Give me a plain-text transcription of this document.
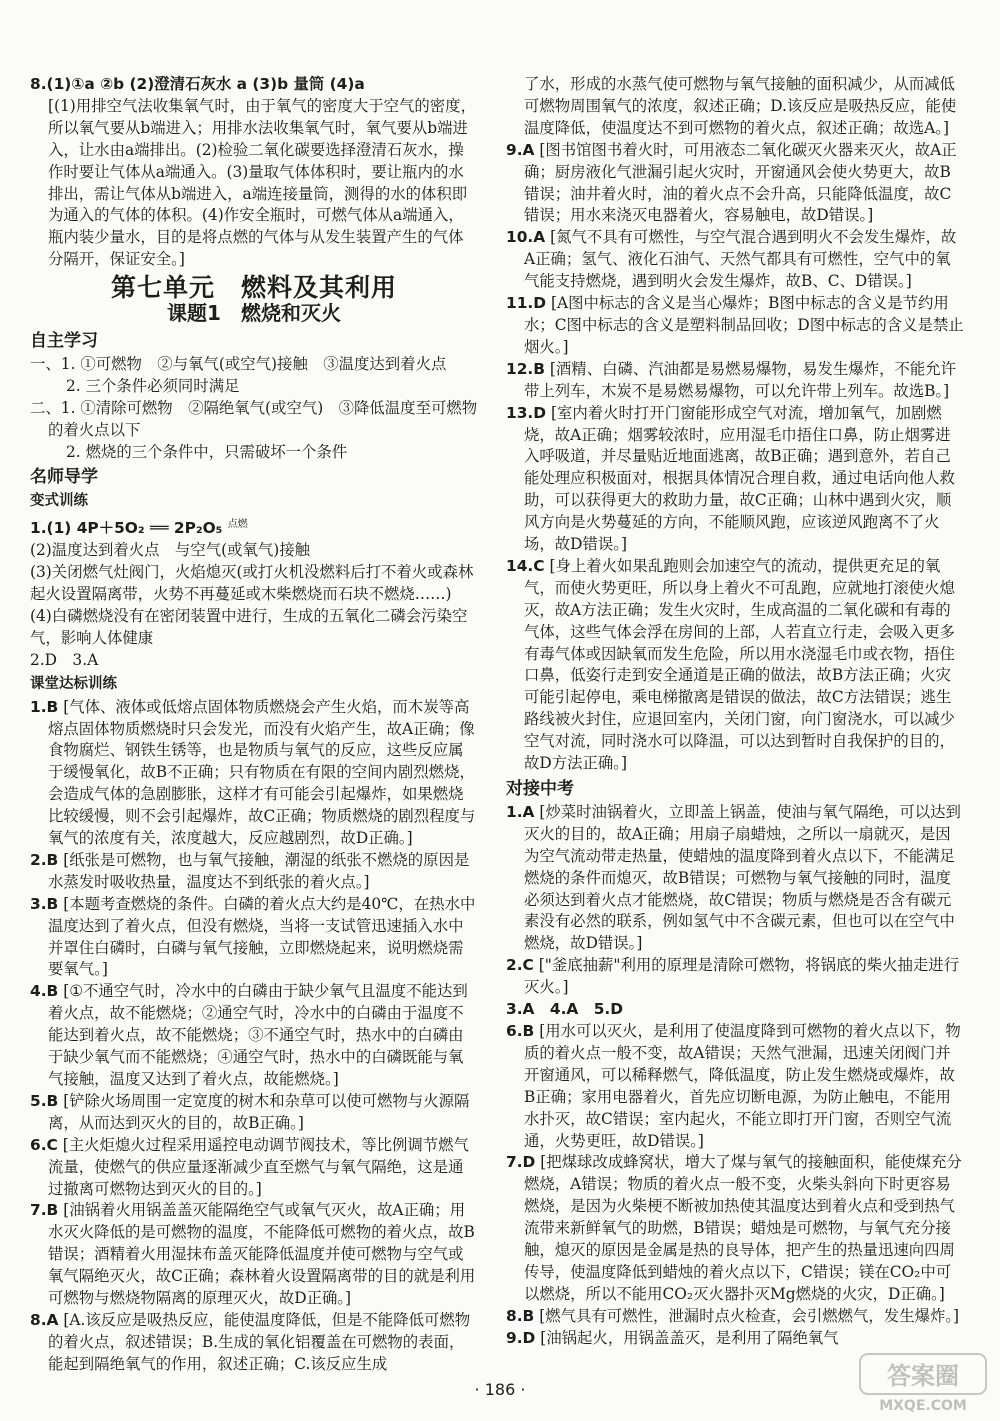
8.(1)①a ②b (2)澄清石灰水 a (3)b 量筒 (4)a

[(1)用排空气法收集氧气时，由于氧气的密度大于空气的密度，所以氧气要从b端进入；用排水法收集氧气时，氧气要从b端进入，让水由a端排出。(2)检验二氧化碳要选择澄清石灰水，操作时要让气体从a端通入。(3)量取气体体积时，要让瓶内的水排出，需让气体从b端进入，a端连接量筒，测得的水的体积即为通入的气体的体积。(4)作安全瓶时，可燃气体从a端通入，瓶内装少量水，目的是将点燃的气体与从发生装置产生的气体分隔开，保证安全。]

第七单元　燃料及其利用
课题1　燃烧和灭火
自主学习

一、1. ①可燃物　②与氧气(或空气)接触　③温度达到着火点

2. 三个条件必须同时满足

二、1. ①清除可燃物　②隔绝氧气(或空气)　③降低温度至可燃物的着火点以下

2. 燃烧的三个条件中，只需破坏一个条件

名师导学
变式训练

1.(1) 4P＋5O₂ ══ 2P₂O₅ $^{点燃}$

(2)温度达到着火点　与空气(或氧气)接触

(3)关闭燃气灶阀门，火焰熄灭(或打火机没燃料后打不着火或森林起火设置隔离带，火势不再蔓延或木柴燃烧而石块不燃烧……)

(4)白磷燃烧没有在密闭装置中进行，生成的五氧化二磷会污染空气，影响人体健康

2.D　3.A

课堂达标训练

1.B [气体、液体或低熔点固体物质燃烧会产生火焰，而木炭等高熔点固体物质燃烧时只会发光，而没有火焰产生，故A正确；像食物腐烂、钢铁生锈等，也是物质与氧气的反应，这些反应属于缓慢氧化，故B不正确；只有物质在有限的空间内剧烈燃烧，会造成气体的急剧膨胀，这样才有可能会引起爆炸，如果燃烧比较缓慢，则不会引起爆炸，故C正确；物质燃烧的剧烈程度与氧气的浓度有关，浓度越大，反应越剧烈，故D正确。]

2.B [纸张是可燃物，也与氧气接触，潮湿的纸张不燃烧的原因是水蒸发时吸收热量，温度达不到纸张的着火点。]

3.B [本题考查燃烧的条件。白磷的着火点大约是40℃，在热水中温度达到了着火点，但没有燃烧，当将一支试管迅速插入水中并罩住白磷时，白磷与氧气接触，立即燃烧起来，说明燃烧需要氧气。]

4.B [①不通空气时，冷水中的白磷由于缺少氧气且温度不能达到着火点，故不能燃烧；②通空气时，冷水中的白磷由于温度不能达到着火点，故不能燃烧；③不通空气时，热水中的白磷由于缺少氧气而不能燃烧；④通空气时，热水中的白磷既能与氧气接触，温度又达到了着火点，故能燃烧。]

5.B [铲除火场周围一定宽度的树木和杂草可以使可燃物与火源隔离，从而达到灭火的目的，故B正确。]

6.C [主火炬熄火过程采用遥控电动调节阀技术，等比例调节燃气流量，使燃气的供应量逐渐减少直至燃气与氧气隔绝，这是通过撤离可燃物达到灭火的目的。]

7.B [油锅着火用锅盖盖灭能隔绝空气或氧气灭火，故A正确；用水灭火降低的是可燃物的温度，不能降低可燃物的着火点，故B错误；酒精着火用湿抹布盖灭能降低温度并使可燃物与空气或氧气隔绝灭火，故C正确；森林着火设置隔离带的目的就是利用可燃物与燃烧物隔离的原理灭火，故D正确。]

8.A [A.该反应是吸热反应，能使温度降低，但是不能降低可燃物的着火点，叙述错误；B.生成的氧化铝覆盖在可燃物的表面，能起到隔绝氧气的作用，叙述正确；C.该反应生成

了水，形成的水蒸气使可燃物与氧气接触的面积减少，从而减低可燃物周围氧气的浓度，叙述正确；D.该反应是吸热反应，能使温度降低，使温度达不到可燃物的着火点，叙述正确；故选A。]

9.A [图书馆图书着火时，可用液态二氧化碳灭火器来灭火，故A正确；厨房液化气泄漏引起火灾时，开窗通风会使火势更大，故B错误；油井着火时，油的着火点不会升高，只能降低温度，故C错误；用水来浇灭电器着火，容易触电，故D错误。]

10.A [氮气不具有可燃性，与空气混合遇到明火不会发生爆炸，故A正确；氢气、液化石油气、天然气都具有可燃性，空气中的氧气能支持燃烧，遇到明火会发生爆炸，故B、C、D错误。]

11.D [A图中标志的含义是当心爆炸；B图中标志的含义是节约用水；C图中标志的含义是塑料制品回收；D图中标志的含义是禁止烟火。]

12.B [酒精、白磷、汽油都是易燃易爆物，易发生爆炸，不能允许带上列车，木炭不是易燃易爆物，可以允许带上列车。故选B。]

13.D [室内着火时打开门窗能形成空气对流，增加氧气，加剧燃烧，故A正确；烟雾较浓时，应用湿毛巾捂住口鼻，防止烟雾进入呼吸道，并尽量贴近地面逃离，故B正确；遇到意外，若自己能处理应积极面对，根据具体情况合理自救，通过电话向他人救助，可以获得更大的救助力量，故C正确；山林中遇到火灾，顺风方向是火势蔓延的方向，不能顺风跑，应该逆风跑离不了火场，故D错误。]

14.C [身上着火如果乱跑则会加速空气的流动，提供更充足的氧气，而使火势更旺，所以身上着火不可乱跑，应就地打滚使火熄灭，故A方法正确；发生火灾时，生成高温的二氧化碳和有毒的气体，这些气体会浮在房间的上部，人若直立行走，会吸入更多有毒气体或因缺氧而发生危险，所以用水浇湿毛巾或衣物，捂住口鼻，低姿行走到安全通道是正确的做法，故B方法正确；火灾可能引起停电，乘电梯撤离是错误的做法，故C方法错误；逃生路线被火封住，应退回室内，关闭门窗，向门窗浇水，可以减少空气对流，同时浇水可以降温，可以达到暂时自我保护的目的，故D方法正确。]

对接中考

1.A [炒菜时油锅着火，立即盖上锅盖，使油与氧气隔绝，可以达到灭火的目的，故A正确；用扇子扇蜡烛，之所以一扇就灭，是因为空气流动带走热量，使蜡烛的温度降到着火点以下，不能满足燃烧的条件而熄灭，故B错误；可燃物与氧气接触的同时，温度必须达到着火点才能燃烧，故C错误；物质与燃烧是否含有碳元素没有必然的联系，例如氢气中不含碳元素，但也可以在空气中燃烧，故D错误。]

2.C ["釜底抽薪"利用的原理是清除可燃物，将锅底的柴火抽走进行灭火。]

3.A　4.A　5.D

6.B [用水可以灭火，是利用了使温度降到可燃物的着火点以下，物质的着火点一般不变，故A错误；天然气泄漏，迅速关闭阀门并开窗通风，可以稀释燃气，降低温度，防止发生燃烧或爆炸，故B正确；家用电器着火，首先应切断电源，为防止触电，不能用水扑灭，故C错误；室内起火，不能立即打开门窗，否则空气流通，火势更旺，故D错误。]

7.D [把煤球改成蜂窝状，增大了煤与氧气的接触面积，能使煤充分燃烧，A错误；物质的着火点一般不变，火柴头斜向下时更容易燃烧，是因为火柴梗不断被加热使其温度达到着火点和受到热气流带来新鲜氧气的助燃，B错误；蜡烛是可燃物，与氧气充分接触，熄灭的原因是金属是热的良导体，把产生的热量迅速向四周传导，使温度降低到蜡烛的着火点以下，C错误；镁在CO₂中可以燃烧，所以不能用CO₂灭火器扑灭Mg燃烧的火灾，D正确。]

8.B [燃气具有可燃性，泄漏时点火检查，会引燃燃气，发生爆炸。]

9.D [油锅起火，用锅盖盖灭，是利用了隔绝氧气

· 186 ·	答案圈
MXQE.COM
